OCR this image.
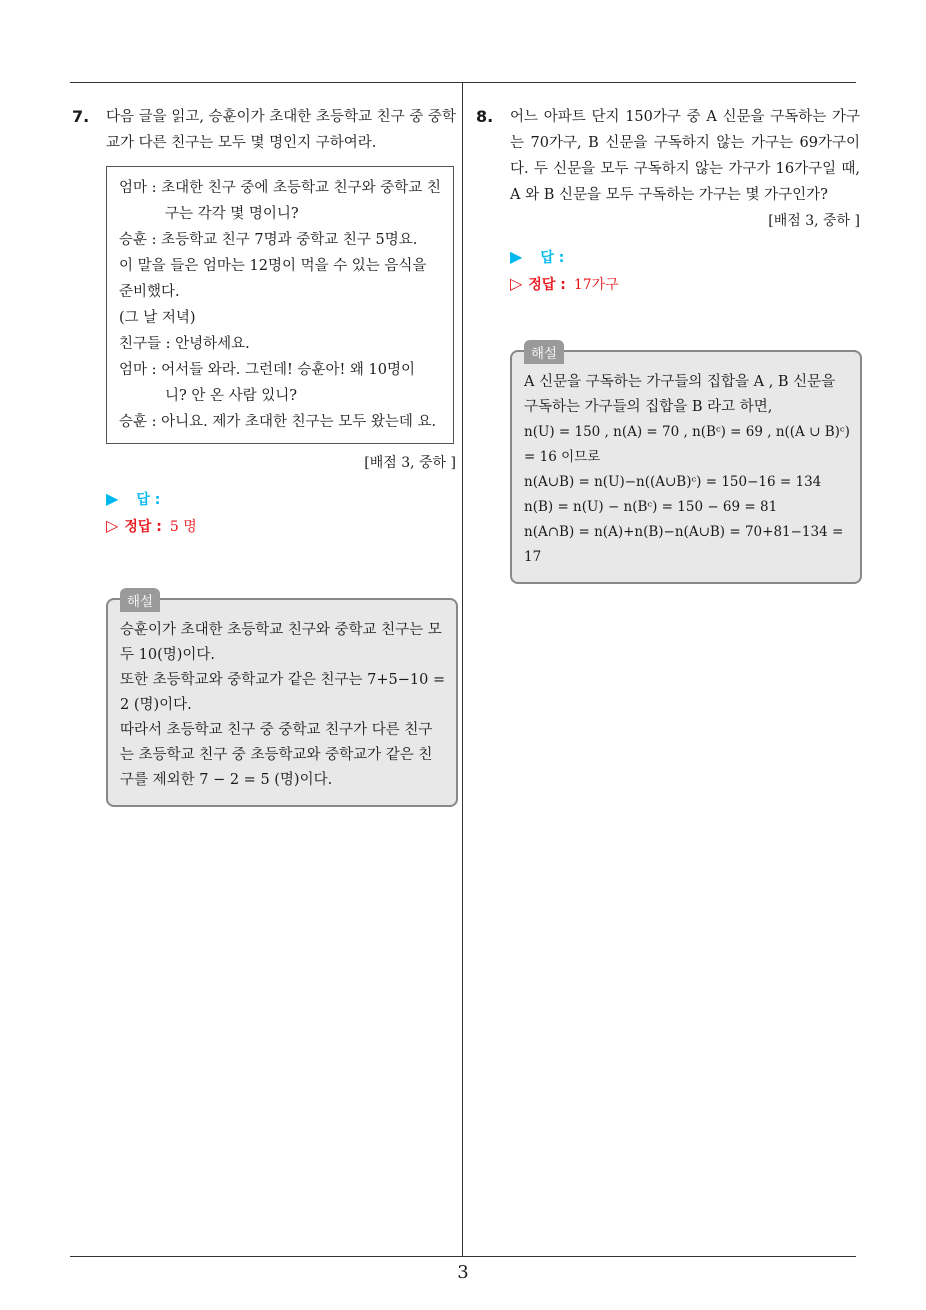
3
7. 다음 글을 읽고, 승훈이가 초대한 초등학교 친구 중 중학교가 다른 친구는 모두 몇 명인지 구하여라.
엄마 : 초대한 친구 중에 초등학교 친구와 중학교 친구는 각각 몇 명이니?
승훈 : 초등학교 친구 7명과 중학교 친구 5명요.
이 말을 들은 엄마는 12명이 먹을 수 있는 음식을 준비했다.
(그 날 저녁)
친구들 : 안녕하세요.
엄마 : 어서들 와라. 그런데! 승훈아! 왜 10명이 니? 안 온 사람 있니?
승훈 : 아니요. 제가 초대한 친구는 모두 왔는데 요.
[배점 3, 중하 ]
▶ 답 :
▷ 정답 : 5 명
해설
승훈이가 초대한 초등학교 친구와 중학교 친구는 모두 10(명)이다.
또한 초등학교와 중학교가 같은 친구는 7+5−10 = 2 (명)이다.
따라서 초등학교 친구 중 중학교 친구가 다른 친구는 초등학교 친구 중 초등학교와 중학교가 같은 친구를 제외한 7 − 2 = 5 (명)이다.
8. 어느 아파트 단지 150가구 중 A 신문을 구독하는 가구는 70가구, B 신문을 구독하지 않는 가구는 69가구이다. 두 신문을 모두 구독하지 않는 가구가 16가구일 때, A 와 B 신문을 모두 구독하는 가구는 몇 가구인가?
[배점 3, 중하 ]
▶ 답 :
▷ 정답 : 17가구
해설
A 신문을 구독하는 가구들의 집합을 A , B 신문을 구독하는 가구들의 집합을 B 라고 하면,
n(U) = 150 , n(A) = 70 , n(Bᶜ) = 69 , n((A ∪ B)ᶜ) = 16 이므로
n(A∪B) = n(U)−n((A∪B)ᶜ) = 150−16 = 134
n(B) = n(U) − n(Bᶜ) = 150 − 69 = 81
n(A∩B) = n(A)+n(B)−n(A∪B) = 70+81−134 = 17
